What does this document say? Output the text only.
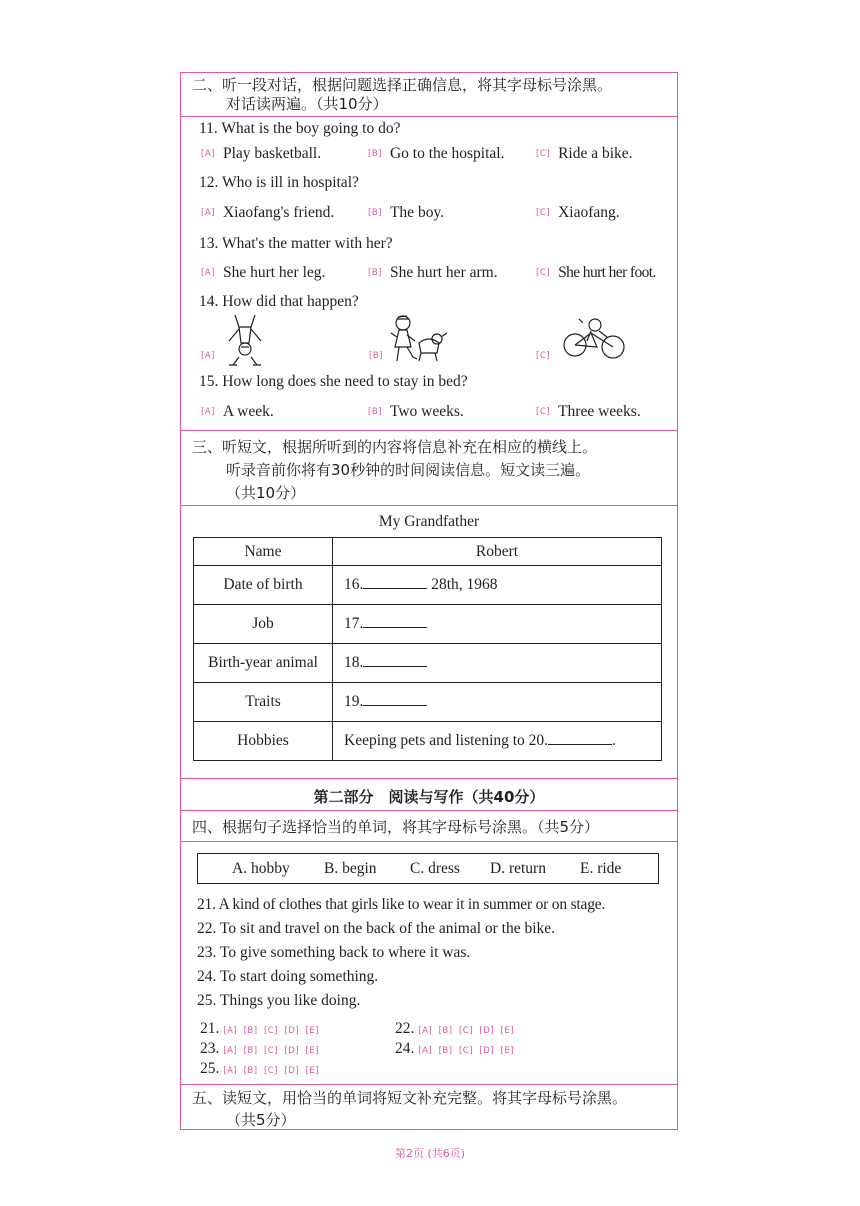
二、听一段对话，根据问题选择正确信息，将其字母标号涂黑。
对话读两遍。（共10分）
11. What is the boy going to do?
[A] Play basketball.	[B] Go to the hospital.	[C] Ride a bike.
12. Who is ill in hospital?
[A] Xiaofang's friend.	[B] The boy.	[C] Xiaofang.
13. What's the matter with her?
[A] She hurt her leg.	[B] She hurt her arm.	[C] She hurt her foot.
14. How did that happen?
[A]	[B]	[C]
15. How long does she need to stay in bed?
[A] A week.	[B] Two weeks.	[C] Three weeks.
三、听短文，根据所听到的内容将信息补充在相应的横线上。
听录音前你将有30秒钟的时间阅读信息。短文读三遍。
（共10分）
My Grandfather
Name	Robert
Date of birth	16. 28th, 1968
Job	17.
Birth-year animal	18.
Traits	19.
Hobbies	Keeping pets and listening to 20. .
第二部分　阅读与写作（共40分）
四、根据句子选择恰当的单词，将其字母标号涂黑。（共5分）
A. hobby B. begin C. dress D. return E. ride
21. A kind of clothes that girls like to wear it in summer or on stage.
22. To sit and travel on the back of the animal or the bike.
23. To give something back to where it was.
24. To start doing something.
25. Things you like doing.
21. [A]  [B]  [C]  [D]  [E]	22. [A]  [B]  [C]  [D]  [E]
23. [A]  [B]  [C]  [D]  [E]	24. [A]  [B]  [C]  [D]  [E]
25. [A]  [B]  [C]  [D]  [E]
五、读短文，用恰当的单词将短文补充完整。将其字母标号涂黑。
（共5分）
第2页 (共6页)
